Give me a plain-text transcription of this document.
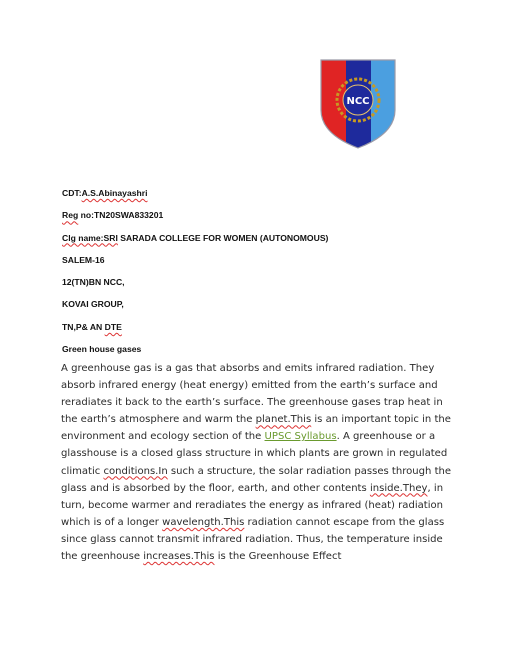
NCC
CDT:A.S.Abinayashri
Reg no:TN20SWA833201
Clg name:SRI SARADA COLLEGE FOR WOMEN (AUTONOMOUS)
SALEM-16
12(TN)BN NCC,
KOVAI GROUP,
TN,P& AN DTE
Green house gases
A greenhouse gas is a gas that absorbs and emits infrared radiation. They
absorb infrared energy (heat energy) emitted from the earth’s surface and
reradiates it back to the earth’s surface. The greenhouse gases trap heat in
the earth’s atmosphere and warm the planet.This is an important topic in the
environment and ecology section of the UPSC Syllabus. A greenhouse or a
glasshouse is a closed glass structure in which plants are grown in regulated
climatic conditions.In such a structure, the solar radiation passes through the
glass and is absorbed by the floor, earth, and other contents inside.They, in
turn, become warmer and reradiates the energy as infrared (heat) radiation
which is of a longer wavelength.This radiation cannot escape from the glass
since glass cannot transmit infrared radiation. Thus, the temperature inside
the greenhouse increases.This is the Greenhouse Effect
